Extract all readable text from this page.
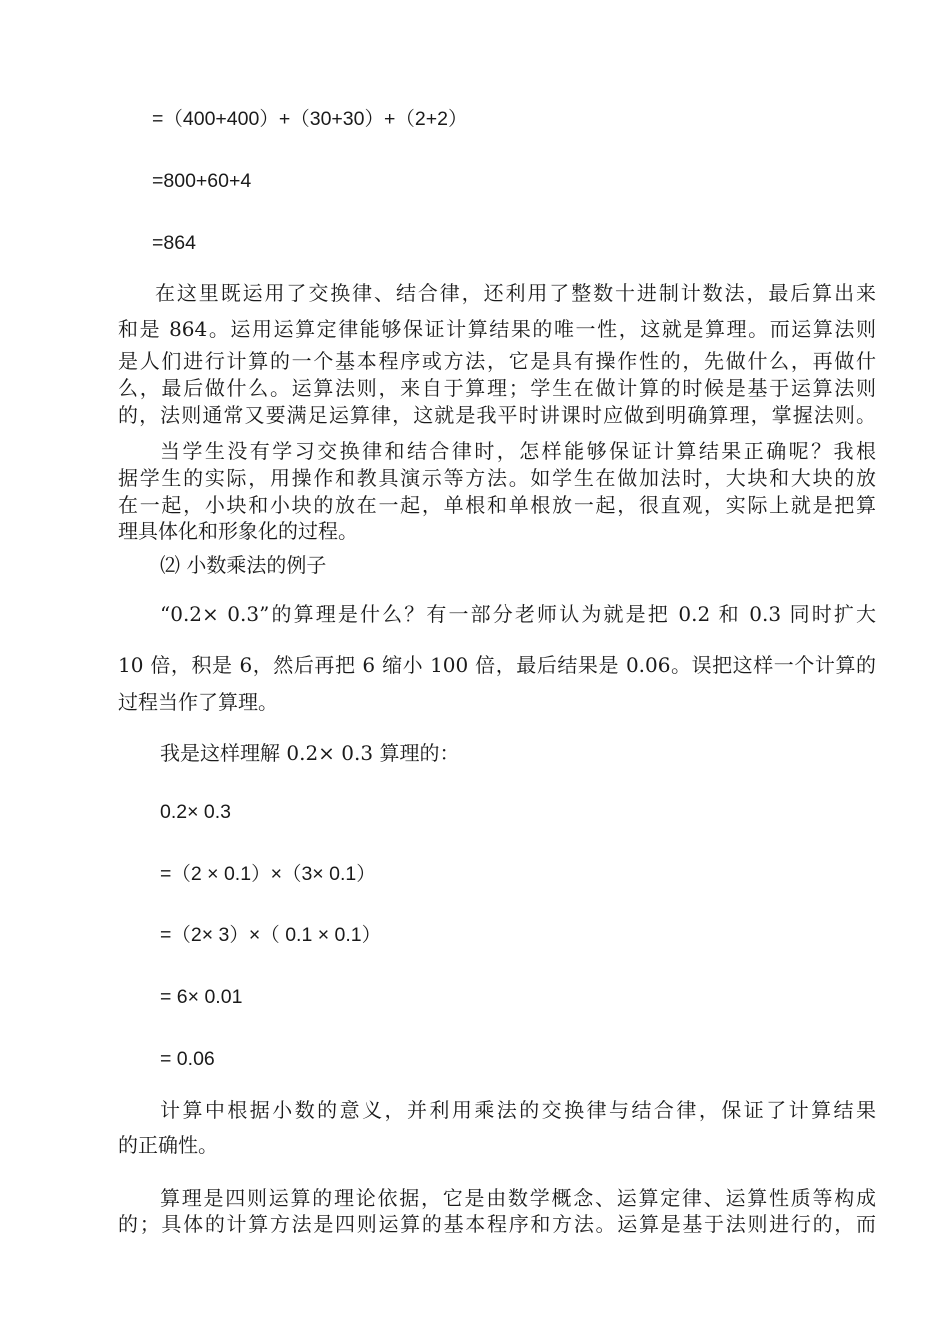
=（400+400）+（30+30）+（2+2）
=800+60+4
=864
在这里既运用了交换律、结合律，还利用了整数十进制计数法，最后算出来
和是 864。运用运算定律能够保证计算结果的唯一性，这就是算理。而运算法则
是人们进行计算的一个基本程序或方法，它是具有操作性的，先做什么，再做什
么，最后做什么。运算法则，来自于算理；学生在做计算的时候是基于运算法则
的，法则通常又要满足运算律，这就是我平时讲课时应做到明确算理，掌握法则。
当学生没有学习交换律和结合律时，怎样能够保证计算结果正确呢？我根
据学生的实际，用操作和教具演示等方法。如学生在做加法时，大块和大块的放
在一起，小块和小块的放在一起，单根和单根放一起，很直观，实际上就是把算
理具体化和形象化的过程。
⑵ 小数乘法的例子
“0.2× 0.3”的算理是什么？有一部分老师认为就是把 0.2 和 0.3 同时扩大
10 倍，积是 6，然后再把 6 缩小 100 倍，最后结果是 0.06。误把这样一个计算的
过程当作了算理。
我是这样理解 0.2× 0.3 算理的：
0.2× 0.3
=（2 × 0.1）×（3× 0.1）
=（2× 3）×（ 0.1 × 0.1）
= 6× 0.01
= 0.06
计算中根据小数的意义，并利用乘法的交换律与结合律，保证了计算结果
的正确性。
算理是四则运算的理论依据，它是由数学概念、运算定律、运算性质等构成
的；具体的计算方法是四则运算的基本程序和方法。运算是基于法则进行的，而
